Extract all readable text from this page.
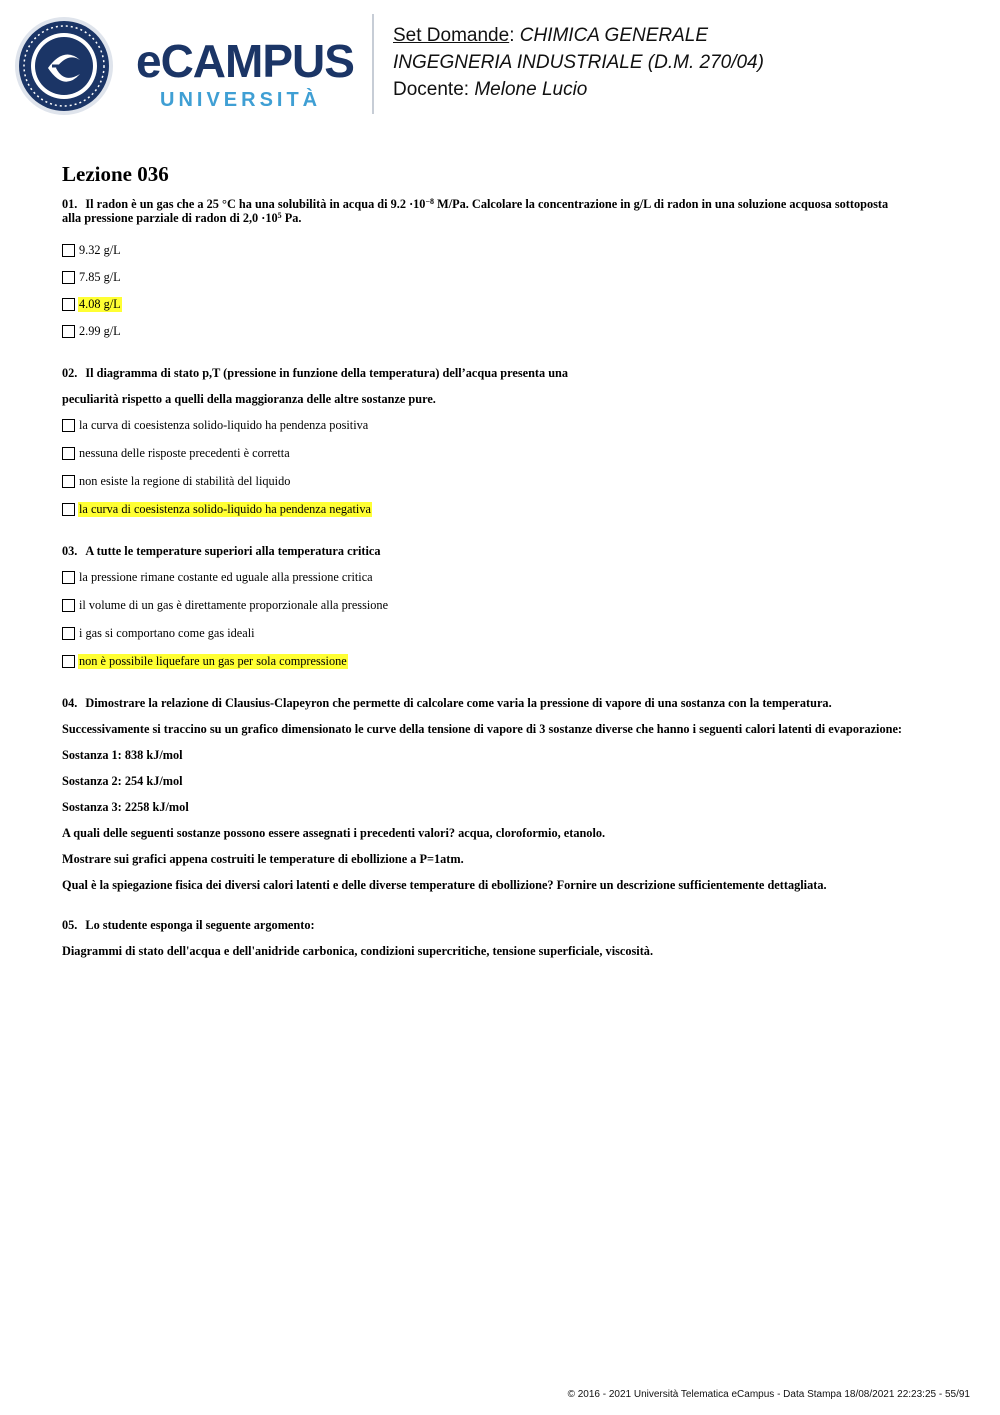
eCAMPUS
UNIVERSITÀ
Set Domande: CHIMICA GENERALE
INGEGNERIA INDUSTRIALE (D.M. 270/04)
Docente: Melone Lucio
Lezione 036
01. Il radon è un gas che a 25 °C ha una solubilità in acqua di $9.2 \cdot 10^{-8}$ M/Pa. Calcolare la concentrazione in g/L di radon in una soluzione acquosa sottoposta
alla pressione parziale di radon di $2,0 \cdot 10^5$ Pa.
9.32 g/L
7.85 g/L
4.08 g/L
2.99 g/L
02. Il diagramma di stato p,T (pressione in funzione della temperatura) dell’acqua presenta una
peculiarità rispetto a quelli della maggioranza delle altre sostanze pure.
la curva di coesistenza solido-liquido ha pendenza positiva
nessuna delle risposte precedenti è corretta
non esiste la regione di stabilità del liquido
la curva di coesistenza solido-liquido ha pendenza negativa
03. A tutte le temperature superiori alla temperatura critica
la pressione rimane costante ed uguale alla pressione critica
il volume di un gas è direttamente proporzionale alla pressione
i gas si comportano come gas ideali
non è possibile liquefare un gas per sola compressione
04. Dimostrare la relazione di Clausius-Clapeyron che permette di calcolare come varia la pressione di vapore di una sostanza con la temperatura.
Successivamente si traccino su un grafico dimensionato le curve della tensione di vapore di 3 sostanze diverse che hanno i seguenti calori latenti di evaporazione:
Sostanza 1: 838 kJ/mol
Sostanza 2: 254 kJ/mol
Sostanza 3: 2258 kJ/mol
A quali delle seguenti sostanze possono essere assegnati i precedenti valori? acqua, cloroformio, etanolo.
Mostrare sui grafici appena costruiti le temperature di ebollizione a P=1atm.
Qual è la spiegazione fisica dei diversi calori latenti e delle diverse temperature di ebollizione? Fornire un descrizione sufficientemente dettagliata.
05. Lo studente esponga il seguente argomento:
Diagrammi di stato dell'acqua e dell'anidride carbonica, condizioni supercritiche, tensione superficiale, viscosità.
© 2016 - 2021 Università Telematica eCampus - Data Stampa 18/08/2021 22:23:25 - 55/91
